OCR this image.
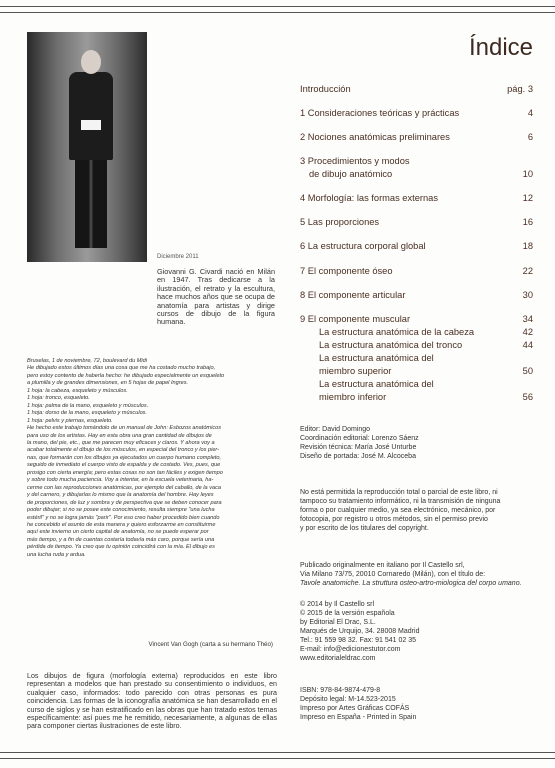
Diciembre 2011
Giovanni G. Civardi nació en Milán en 1947. Tras dedicarse a la ilustración, el retrato y la escultura, hace muchos años que se ocupa de anatomía para artistas y dirige cursos de dibujo de la figura humana.
Bruselas, 1 de noviembre, 72, boulevard du Midi
He dibujado estos últimos días una cosa que me ha costado mucho trabajo,
pero estoy contento de haberla hecho: he dibujado especialmente un esqueleto
a plumilla y de grandes dimensiones, en 5 hojas de papel Ingres.
1 hoja: la cabeza, esqueleto y músculos.
1 hoja: tronco, esqueleto.
1 hoja: palma de la mano, esqueleto y músculos.
1 hoja: dorso de la mano, esqueleto y músculos.
1 hoja: pelvis y piernas, esqueleto.
He hecho este trabajo tomándolo de un manual de John: Esbozos anatómicos
para uso de los artistas. Hay en esta obra una gran cantidad de dibujos de
la mano, del pie, etc., que me parecen muy eficaces y claros. Y ahora voy a
acabar totalmente el dibujo de los músculos, en especial del tronco y los pier-
nas, que formarán con los dibujos ya ejecutados un cuerpo humano completo,
seguido de inmediato el cuerpo visto de espalda y de costado. Ves, pues, que
prosigo con cierta energía; pero estas cosas no son tan fáciles y exigen tiempo
y sobre todo mucha paciencia. Voy a intentar, en la escuela veterinaria, ha-
cerme con las reproducciones anatómicas, por ejemplo del caballo, de la vaca
y del carnero, y dibujarlas lo mismo que la anatomía del hombre. Hay leyes
de proporciones, de luz y sombra y de perspectiva que se deben conocer para
poder dibujar; si no se posee este conocimiento, resulta siempre "una lucha
estéril" y no se logra jamás "parir". Por eso creo haber procedido bien cuando
he concebido el asunto de esta manera y quiero esforzarme en constituirme
aquí este invierno un cierto capital de anatomía, no se puede esperar por
más tiempo, y a fin de cuentas costaría todavía más caro, porque sería una
pérdida de tiempo. Ya creo que tu opinión coincidirá con la mía. El dibujo es
una lucha ruda y ardua.
Vincent Van Gogh (carta a su hermano Théo)
Los dibujos de figura (morfología externa) reproducidos en este libro representan a modelos que han prestado su consentimiento o individuos, en cualquier caso, informados: todo parecido con otras personas es pura coincidencia. Las formas de la iconografía anatómica se han desarrollado en el curso de siglos y se han estratificado en las obras que han tratado estos temas específicamente: así pues me he remitido, necesariamente, a algunas de ellas para componer ciertas ilustraciones de este libro.
Índice
Introducción	pág. 3
1 Consideraciones teóricas y prácticas	4
2 Nociones anatómicas preliminares	6
3 Procedimientos y modos
de dibujo anatómico	10
4 Morfología: las formas externas	12
5 Las proporciones	16
6 La estructura corporal global	18
7 El componente óseo	22
8 El componente articular	30
9 El componente muscular	34
La estructura anatómica de la cabeza	42
La estructura anatómica del tronco	44
La estructura anatómica del
miembro superior	50
La estructura anatómica del
miembro inferior	56
Editor: David Domingo
Coordinación editorial: Lorenzo Sáenz
Revisión técnica: María José Unturbe
Diseño de portada: José M. Alcoceba
No está permitida la reproducción total o parcial de este libro, ni
tampoco su tratamiento informático, ni la transmisión de ninguna
forma o por cualquier medio, ya sea electrónico, mecánico, por
fotocopia, por registro u otros métodos, sin el permiso previo
y por escrito de los titulares del copyright.
Publicado originalmente en italiano por Il Castello srl,
Via Milano 73/75, 20010 Cornaredo (Milán), con el título de:
Tavole anatomiche. La struttura osteo-artro-miologica del corpo umano.
© 2014 by Il Castello srl
© 2015 de la versión española
by Editorial El Drac, S.L.
Marqués de Urquijo, 34. 28008 Madrid
Tel.: 91 559 98 32. Fax: 91 541 02 35
E-mail: info@edicionestutor.com
www.editorialeldrac.com
ISBN: 978-84-9874-479-8
Depósito legal: M-14.523-2015
Impreso por Artes Gráficas COFÁS
Impreso en España - Printed in Spain
